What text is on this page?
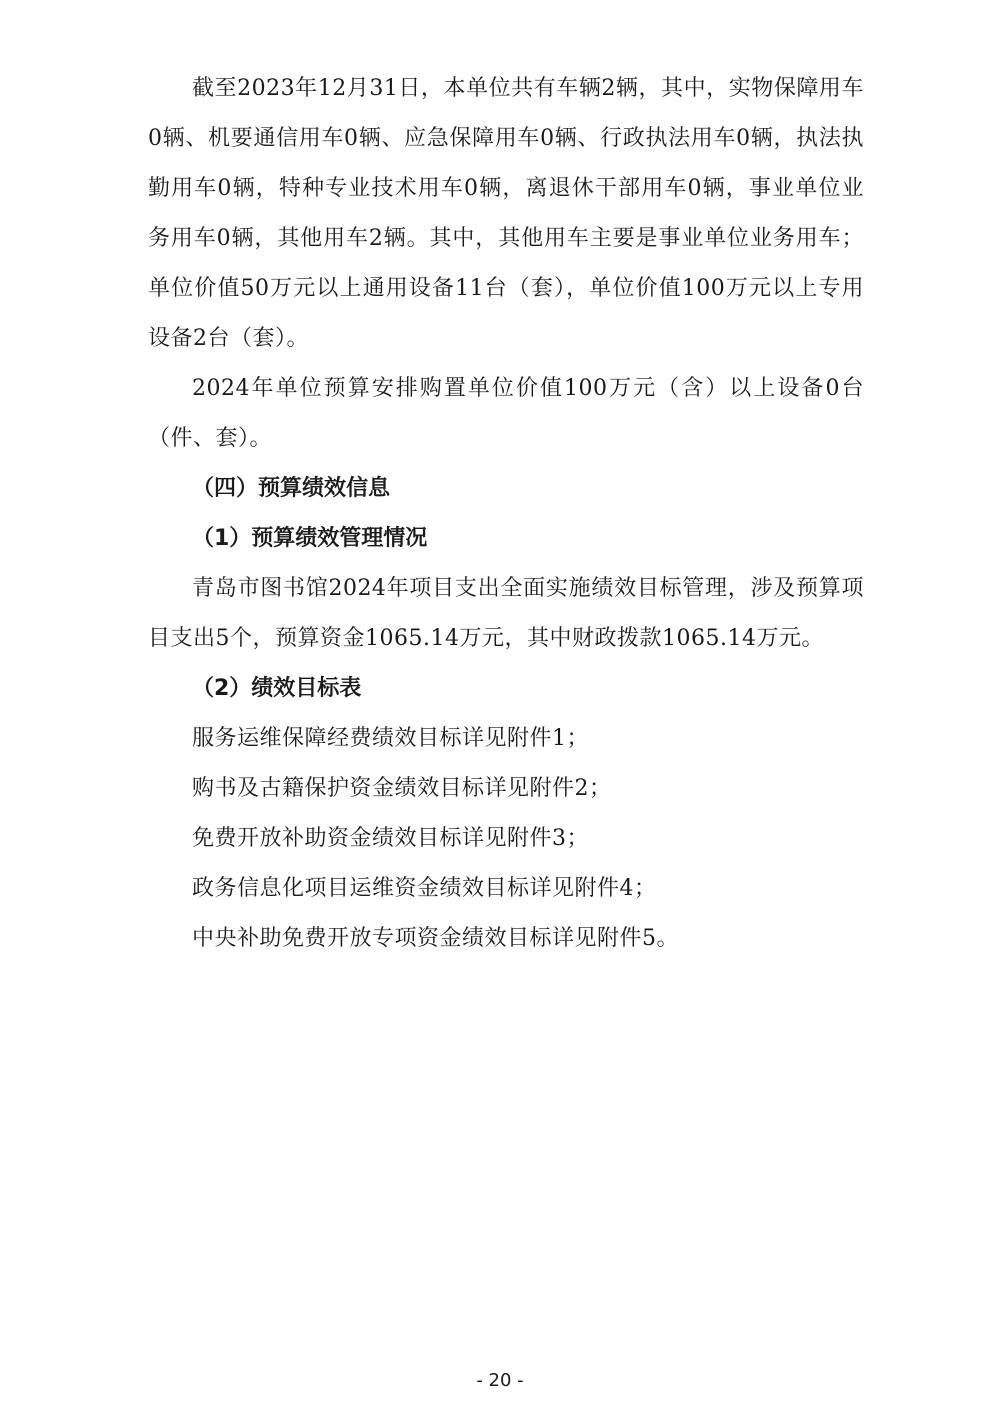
截至2023年12月31日，本单位共有车辆2辆，其中，实物保障用车0辆、机要通信用车0辆、应急保障用车0辆、行政执法用车0辆，执法执勤用车0辆，特种专业技术用车0辆，离退休干部用车0辆，事业单位业务用车0辆，其他用车2辆。其中，其他用车主要是事业单位业务用车；单位价值50万元以上通用设备11台（套），单位价值100万元以上专用设备2台（套）。

2024年单位预算安排购置单位价值100万元（含）以上设备0台（件、套）。

（四）预算绩效信息

（1）预算绩效管理情况

青岛市图书馆2024年项目支出全面实施绩效目标管理，涉及预算项目支出5个，预算资金1065.14万元，其中财政拨款1065.14万元。

（2）绩效目标表

服务运维保障经费绩效目标详见附件1；

购书及古籍保护资金绩效目标详见附件2；

免费开放补助资金绩效目标详见附件3；

政务信息化项目运维资金绩效目标详见附件4；

中央补助免费开放专项资金绩效目标详见附件5。

- 20 -
